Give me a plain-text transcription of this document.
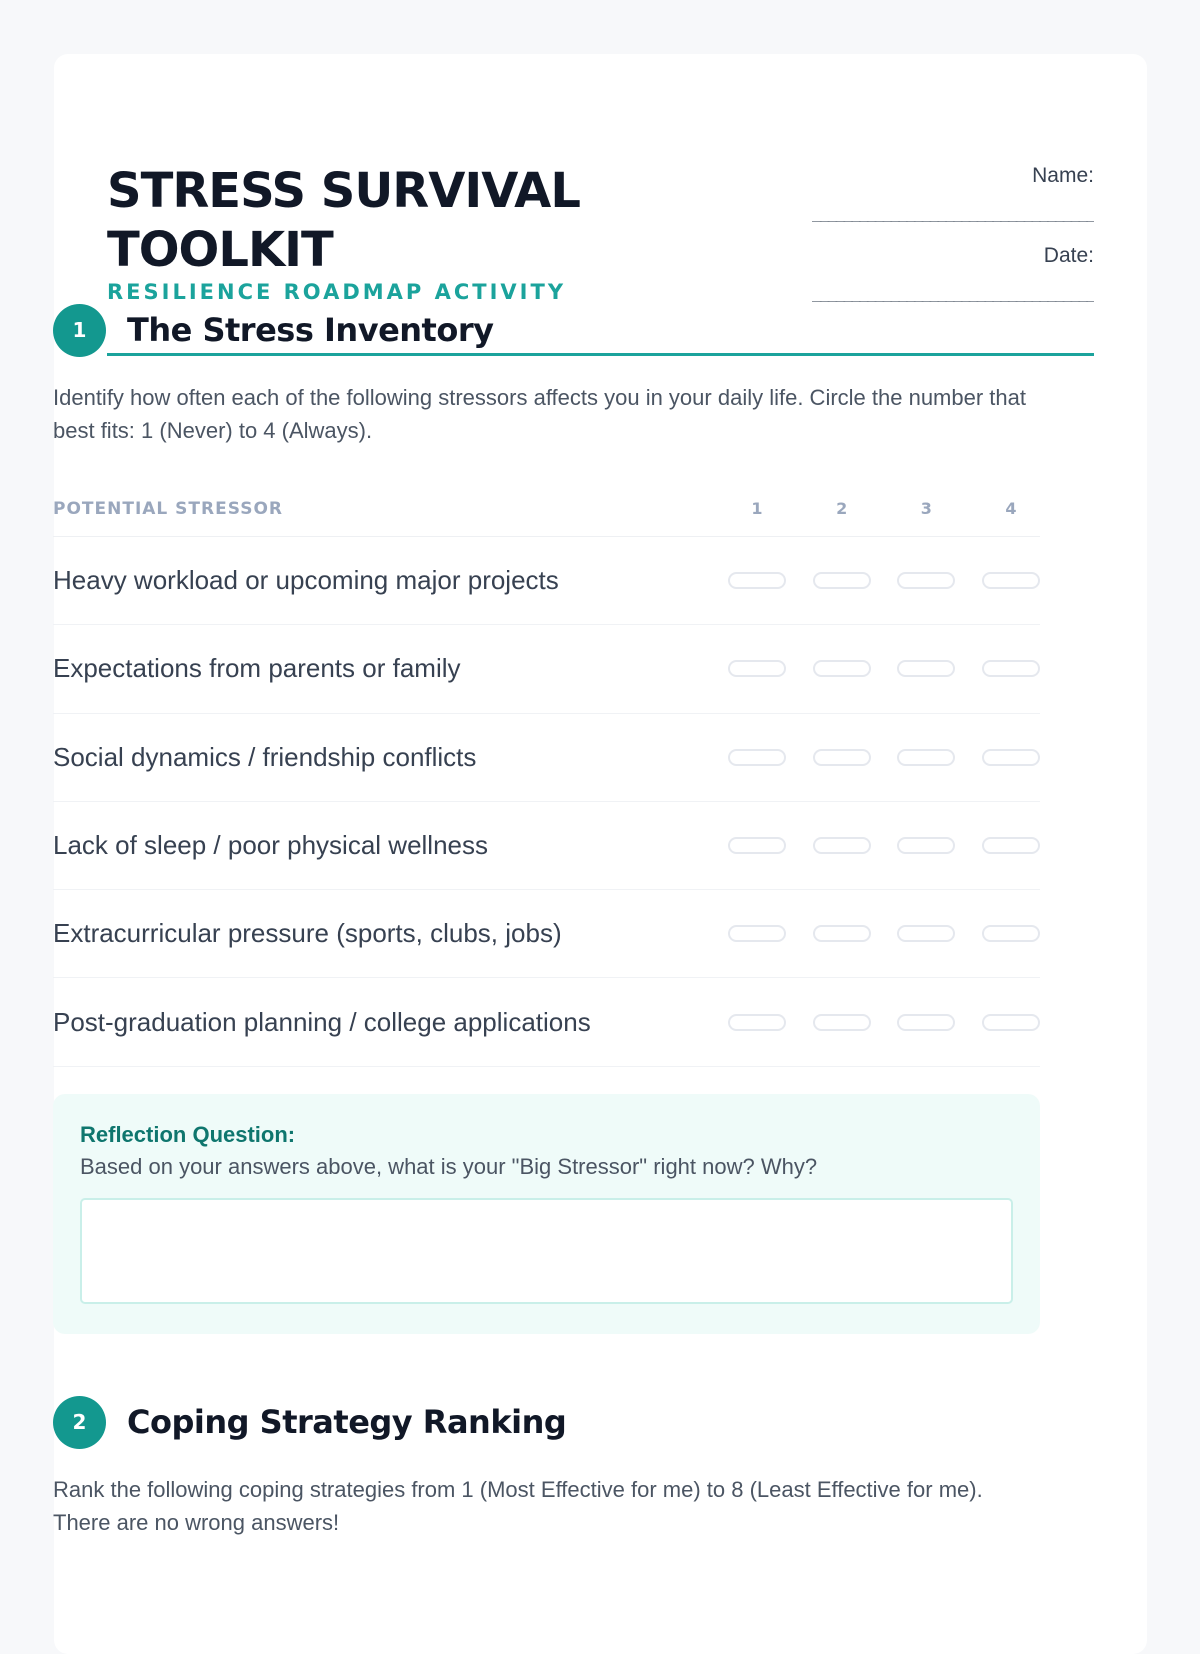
STRESS SURVIVAL TOOLKIT
RESILIENCE ROADMAP ACTIVITY
Name:
____________________________________
Date:
____________________________________
1	The Stress Inventory

Identify how often each of the following stressors affects you in your daily life. Circle the number that best fits: 1 (Never) to 4 (Always).

POTENTIAL STRESSOR	1	2	3	4
Heavy workload or upcoming major projects
Expectations from parents or family
Social dynamics / friendship conflicts
Lack of sleep / poor physical wellness
Extracurricular pressure (sports, clubs, jobs)
Post-graduation planning / college applications
Reflection Question:
Based on your answers above, what is your "Big Stressor" right now? Why?
2	Coping Strategy Ranking

Rank the following coping strategies from 1 (Most Effective for me) to 8 (Least Effective for me). There are no wrong answers!
